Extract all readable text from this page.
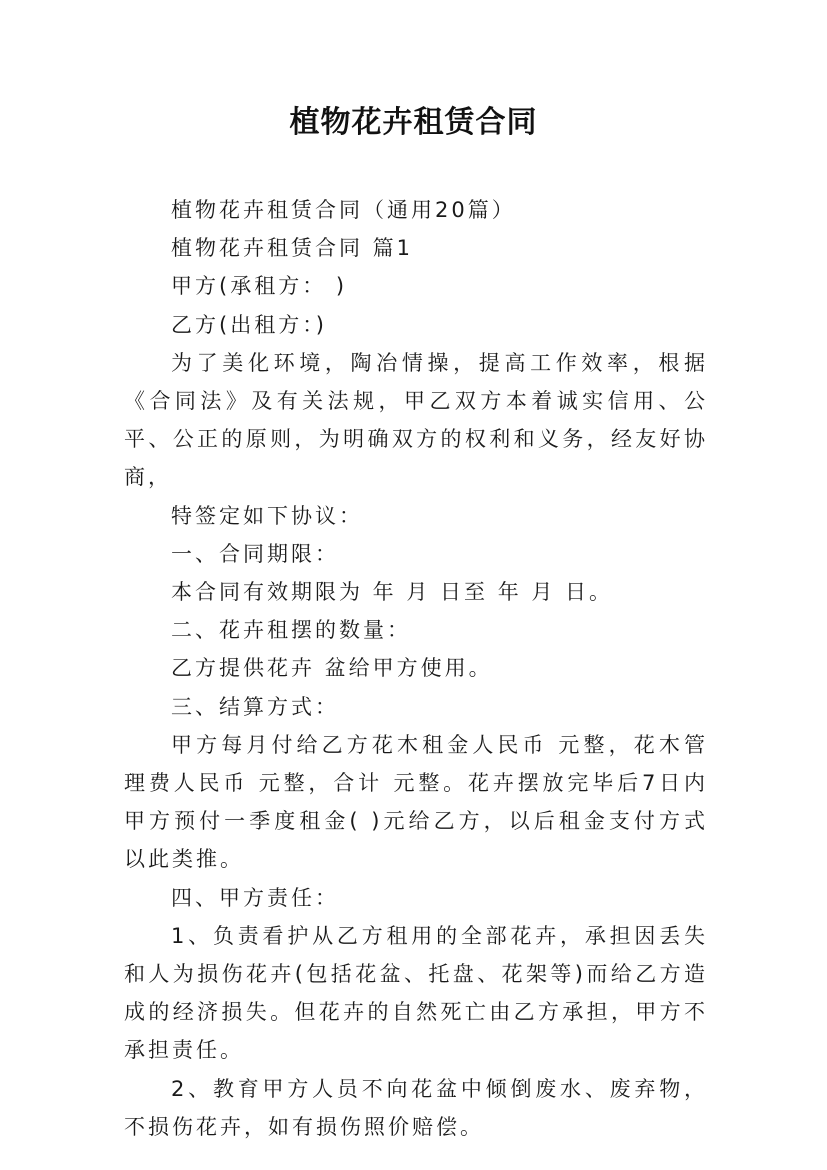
植物花卉租赁合同

植物花卉租赁合同（通用20篇）

植物花卉租赁合同 篇1

甲方(承租方： )

乙方(出租方：)

为了美化环境，陶冶情操，提高工作效率，根据《合同法》及有关法规，甲乙双方本着诚实信用、公平、公正的原则，为明确双方的权利和义务，经友好协商，

特签定如下协议：

一、合同期限：

本合同有效期限为 年 月 日至 年 月 日。

二、花卉租摆的数量：

乙方提供花卉 盆给甲方使用。

三、结算方式：

甲方每月付给乙方花木租金人民币 元整，花木管理费人民币 元整，合计 元整。花卉摆放完毕后7日内甲方预付一季度租金( )元给乙方，以后租金支付方式以此类推。

四、甲方责任：

1、负责看护从乙方租用的全部花卉，承担因丢失和人为损伤花卉(包括花盆、托盘、花架等)而给乙方造成的经济损失。但花卉的自然死亡由乙方承担，甲方不承担责任。

2、教育甲方人员不向花盆中倾倒废水、废弃物，不损伤花卉，如有损伤照价赔偿。
